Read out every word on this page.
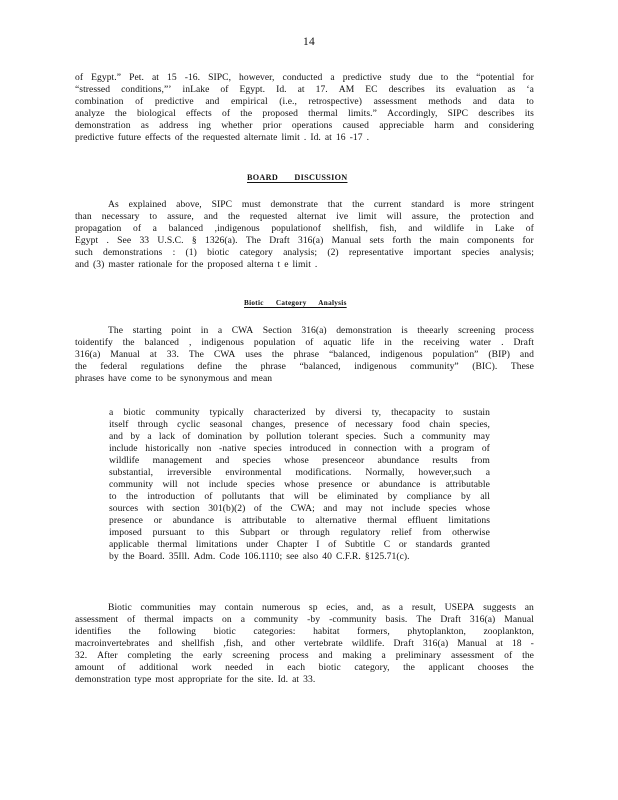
14
of Egypt.” Pet. at 15 -16. SIPC, however, conducted a predictive study due to the “potential for
“stressed conditions,”’ inLake of Egypt. Id. at 17. AM EC describes its evaluation as ‘a
combination of predictive and empirical (i.e., retrospective) assessment methods and data to
analyze the biological effects of the proposed thermal limits.” Accordingly, SIPC describes its
demonstration as address ing whether prior operations caused appreciable harm and considering
predictive future effects of the requested alternate limit . Id. at 16 -17 .
BOARD DISCUSSION
As explained above, SIPC must demonstrate that the current standard is more stringent
than necessary to assure, and the requested alternat ive limit will assure, the protection and
propagation of a balanced ,indigenous populationof shellfish, fish, and wildlife in Lake of
Egypt . See 33 U.S.C. § 1326(a). The Draft 316(a) Manual sets forth the main components for
such demonstrations : (1) biotic category analysis; (2) representative important species analysis;
and (3) master rationale for the proposed alterna t e limit .
Biotic Category Analysis
The starting point in a CWA Section 316(a) demonstration is theearly screening process
toidentify the balanced , indigenous population of aquatic life in the receiving water . Draft
316(a) Manual at 33. The CWA uses the phrase “balanced, indigenous population” (BIP) and
the federal regulations define the phrase “balanced, indigenous community” (BIC). These
phrases have come to be synonymous and mean
a biotic community typically characterized by diversi ty, thecapacity to sustain
itself through cyclic seasonal changes, presence of necessary food chain species,
and by a lack of domination by pollution tolerant species. Such a community may
include historically non -native species introduced in connection with a program of
wildlife management and species whose presenceor abundance results from
substantial, irreversible environmental modifications. Normally, however,such a
community will not include species whose presence or abundance is attributable
to the introduction of pollutants that will be eliminated by compliance by all
sources with section 301(b)(2) of the CWA; and may not include species whose
presence or abundance is attributable to alternative thermal effluent limitations
imposed pursuant to this Subpart or through regulatory relief from otherwise
applicable thermal limitations under Chapter I of Subtitle C or standards granted
by the Board. 35Ill. Adm. Code 106.1110; see also 40 C.F.R. §125.71(c).
Biotic communities may contain numerous sp ecies, and, as a result, USEPA suggests an
assessment of thermal impacts on a community -by -community basis. The Draft 316(a) Manual
identifies the following biotic categories: habitat formers, phytoplankton, zooplankton,
macroinvertebrates and shellfish ,fish, and other vertebrate wildlife. Draft 316(a) Manual at 18 -
32. After completing the early screening process and making a preliminary assessment of the
amount of additional work needed in each biotic category, the applicant chooses the
demonstration type most appropriate for the site. Id. at 33.
